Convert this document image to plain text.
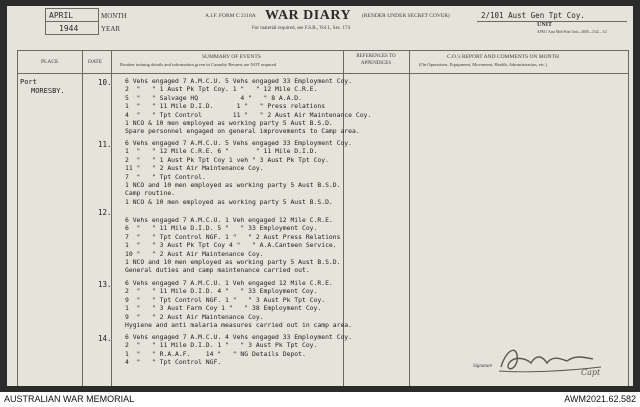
APRIL	MONTH
1944	YEAR
A.I.F. FORM C 2118A WAR DIARY (RENDER UNDER SECRET COVER)
For material required, see F.S.R., Vol I., Sec. 174
2/101 Aust Gen Tpt Coy.
UNIT
APM 1 Aust Mob Print Unit—4000—3/42—1/2
PLACE	DATE
SUMMARY OF EVENTS
Routine training details and information given in Casualty Returns are NOT required
REFERENCES TO APPENDICES
C.O.'s REPORT AND COMMENTS ON MONTH
(On Operations, Equipment, Movement, Health, Administration, etc.)
Port
MORESBY.
10. 6 Vehs engaged 7 A.M.C.U. 5 Vehs engaged 33 Employment Coy.
2  "   " 1 Aust Pk Tpt Coy. 1 "   " 12 Mile C.R.E.
5  "   " Salvage HQ           4 "   " 8 A.A.D.
1  "   " 11 Mile D.I.D.      1 "   " Press relations
4  "   " Tpt Control        11 "   " 2 Aust Air Maintenance Coy.
1 NCO & 10 men employed as working party 5 Aust B.S.D.
Spare personnel engaged on general improvements to Camp area.
11. 6 Vehs engaged 7 A.M.C.U. 5 Vehs engaged 33 Employment Coy.
1  "   " 12 Mile C.R.E. 6 "       " 11 Mile D.I.D.
2  "   " 1 Aust Pk Tpt Coy 1 veh " 3 Aust Pk Tpt Coy.
11 "   " 2 Aust Air Maintenance Coy.
7  "   " Tpt Control.
1 NCO and 10 men employed as working party 5 Aust B.S.D.
Camp routine.
1 NCO & 10 men employed as working party 5 Aust B.S.D.
12.
6 Vehs engaged 7 A.M.C.U. 1 Veh engaged 12 Mile C.R.E.
6  "   " 11 Mile D.I.D. 5 "   " 33 Employment Coy.
7  "   " Tpt Control NGF. 1 "   " 2 Aust Press Relations
1  "   " 3 Aust Pk Tpt Coy 4 "   " A.A.Canteen Service.
10 "   " 2 Aust Air Maintenance Coy.
1 NCO and 10 men employed as working party 5 Aust B.S.D.
General duties and camp maintenance carried out.
13. 6 Vehs engaged 7 A.M.C.U. 1 Veh engaged 12 Mile C.R.E.
2  "   " 11 Mile D.I.D. 4 "   " 33 Employment Coy.
9  "   " Tpt Control NGF. 1 "   " 3 Aust Pk Tpt Coy.
1  "   " 3 Aust Farm Coy 1 "   " 38 Employment Coy.
9  "   " 2 Aust Air Maintenance Coy.
Hygiene and anti malaria measures carried out in camp area.
14. 6 Vehs engaged 7 A.M.C.U. 4 Vehs engaged 33 Employment Coy.
2  "   " 11 Mile D.I.D. 1 "   " 3 Aust Pk Tpt Coy.
1  "   " R.A.A.F.    14 "   " NG Details Depot.
4  "   " Tpt Control NGF.
Signature
Capt
AUSTRALIAN WAR MEMORIAL	AWM2021.62.582
